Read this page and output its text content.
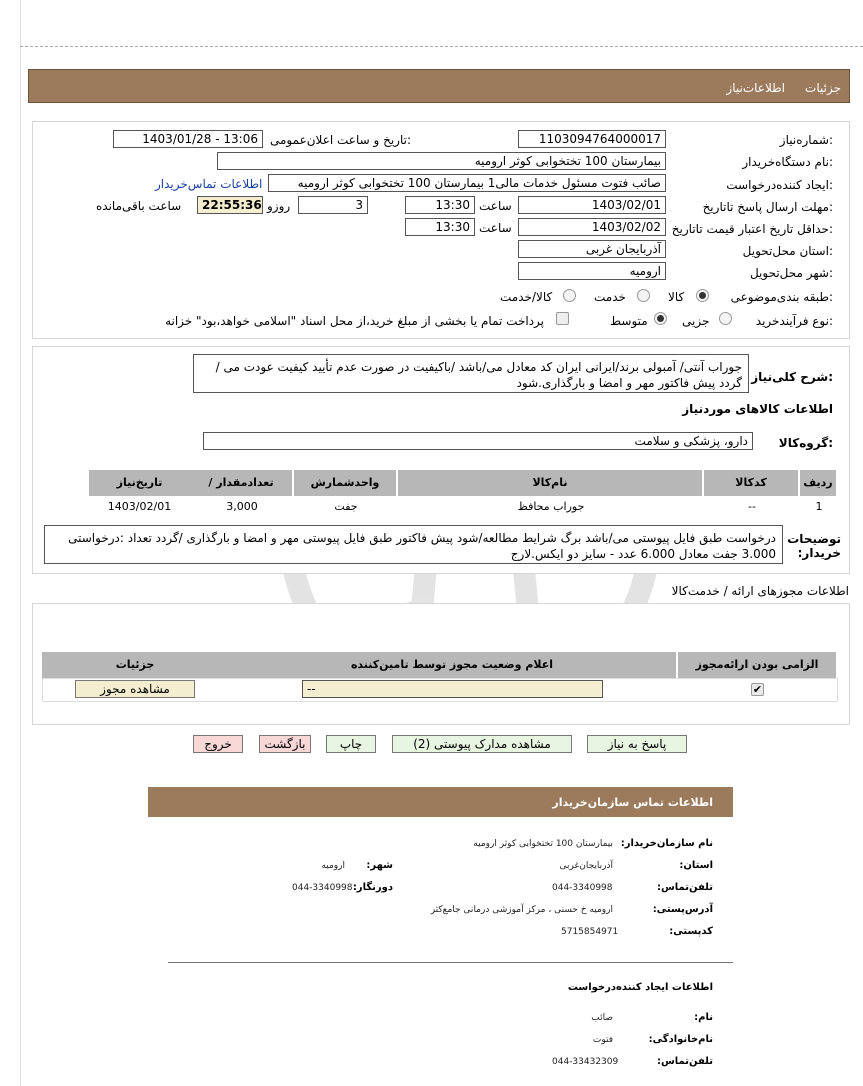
جزئیات
اطلاعات‌نیاز
شماره‌نیاز:
1103094764000017
تاریخ و ساعت اعلان‌عمومی:
1403/01/28 - 13:06
نام دستگاه‌خریدار:
بیمارستان 100 تختخوابی کوثر ارومیه
ایجاد کننده‌درخواست:
صائب فتوت مسئول خدمات مالی1 بیمارستان 100 تختخوابی کوثر ارومیه
اطلاعات تماس‌خریدار
مهلت ارسال پاسخ تا‌تاریخ:
1403/02/01
ساعت
13:30
3
روزو
22:55:36
ساعت باقی‌مانده
حداقل تاریخ اعتبار قیمت تا‌تاریخ:
1403/02/02
ساعت
13:30
استان محل‌تحویل:
آذربایجان غربی
شهر محل‌تحویل:
ارومیه
طبقه بندی‌موضوعی:
کالا
خدمت
کالا/خدمت
نوع فرآیند‌خرید:
جزیی
متوسط
پرداخت تمام یا بخشی از مبلغ خرید،از محل اسناد "اسلامی خواهد،بود" خزانه
شرح کلی‌نیاز:
جوراب آنتی/ آمبولی برند/ایرانی ایران کد معادل می/باشد /باکیفیت در صورت عدم تأیید کیفیت عودت می /گردد پیش فاکتور مهر و امضا و بارگذاری.شود
اطلاعات کالاهای موردنیاز
گروه‌کالا:
دارو، پزشکی و سلامت
ردیف
کدکالا
نام‌کالا
واحدشمارش
/ تعدادمقدار
تاریخ‌نیاز
1
--
جوراب محافظ
جفت
3,000
1403/02/01
توضیحات خریدار:
درخواست طبق فایل پیوستی می/باشد برگ شرایط مطالعه/شود پیش فاکتور طبق فایل پیوستی مهر و امضا و بارگذاری /گردد تعداد :درخواستی 3.000 جفت معادل 6.000 عدد - سایز دو ایکس.لارج
اطلاعات مجوزهای ارائه / خدمت‌کالا
الزامی بودن ارائه‌مجوز
اعلام وضعیت مجوز توسط تامین‌کننده
جزئیات
✔
--
مشاهده مجوز
پاسخ به نیاز
مشاهده مدارک پیوستی (2)
چاپ
بازگشت
خروج
اطلاعات تماس سازمان‌خریدار
نام سازمان‌خریدار:
بیمارستان 100 تختخوابی کوثر ارومیه
استان:
آذربایجان‌غربی
شهر:
ارومیه
تلفن‌تماس:
044-3340998
دورنگار:
044-3340998
آدرس‌پستی:
ارومیه خ حسنی ، مرکز آموزشی درمانی جامع‌کثر
کدپستی:
5715854971
اطلاعات ایجاد کننده‌درخواست
نام:
صائب
نام‌خانوادگی:
فتوت
تلفن‌تماس:
044-33432309
